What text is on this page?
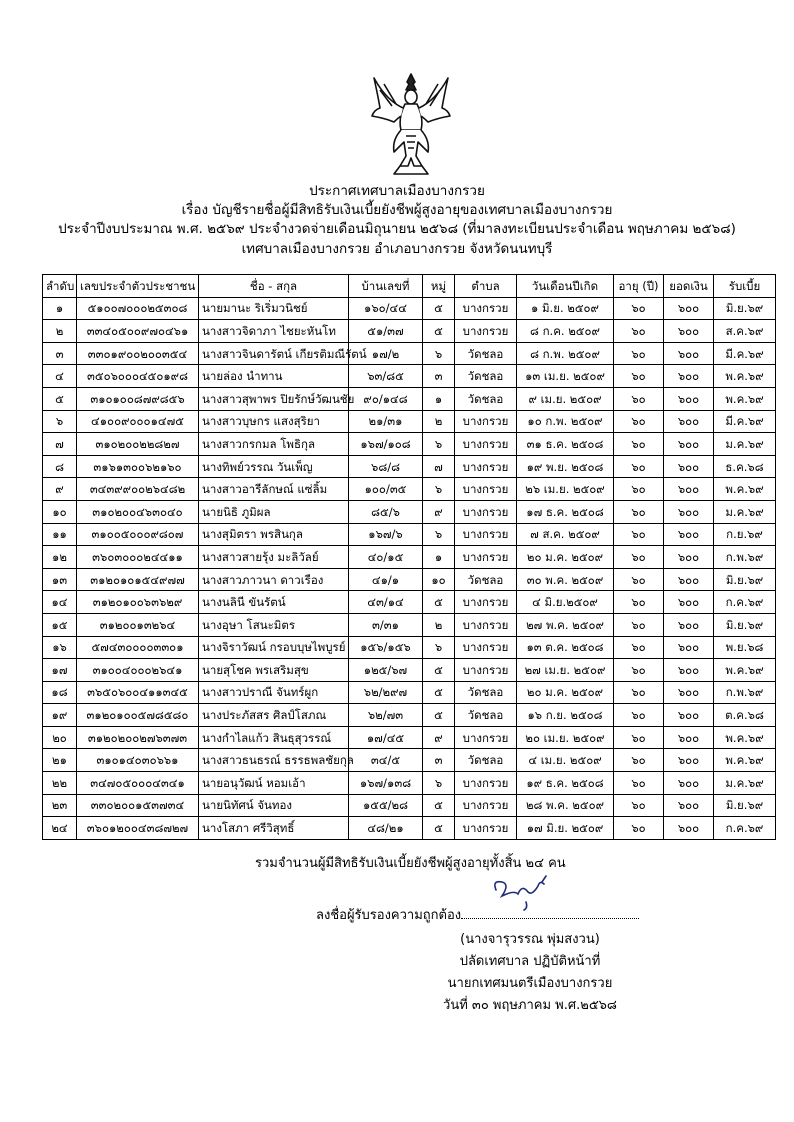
ประกาศเทศบาลเมืองบางกรวย
เรื่อง บัญชีรายชื่อผู้มีสิทธิรับเงินเบี้ยยังชีพผู้สูงอายุของเทศบาลเมืองบางกรวย
ประจำปีงบประมาณ พ.ศ. ๒๕๖๙ ประจำงวดจ่ายเดือนมิถุนายน ๒๕๖๘ (ที่มาลงทะเบียนประจำเดือน พฤษภาคม ๒๕๖๘)
เทศบาลเมืองบางกรวย อำเภอบางกรวย จังหวัดนนทบุรี
ลำดับ	เลขประจำตัวประชาชน	ชื่อ - สกุล	บ้านเลขที่	หมู่	ตำบล	วันเดือนปีเกิด	อายุ (ปี)	ยอดเงิน	รับเบี้ย
๑	๕๑๐๐๗๐๐๐๒๕๓๐๘	นายมานะ ริเริ่มวนิชย์	๑๖๐/๔๔	๕	บางกรวย	๑ มิ.ย. ๒๕๐๙	๖๐	๖๐๐	มิ.ย.๖๙
๒	๓๓๔๐๕๐๐๙๗๐๔๖๑	นางสาวจิดาภา ไชยะหันโท	๕๑/๓๗	๕	บางกรวย	๘ ก.ค. ๒๕๐๙	๖๐	๖๐๐	ส.ค.๖๙
๓	๓๓๐๑๙๐๐๒๐๐๓๕๔	นางสาวจินดารัตน์ เกียรติมณีรัตน์	๑๗/๒	๖	วัดชลอ	๘ ก.พ. ๒๕๐๙	๖๐	๖๐๐	มี.ค.๖๙
๔	๓๕๐๖๐๐๐๔๕๐๑๙๘	นายล่อง นำทาน	๖๓/๘๕	๓	วัดชลอ	๑๓ เม.ย. ๒๕๐๙	๖๐	๖๐๐	พ.ค.๖๙
๕	๓๑๐๑๐๐๘๗๙๘๕๖	นางสาวสุพาพร ปิยรักษ์วัฒนชัย	๙๐/๑๔๘	๑	วัดชลอ	๙ เม.ย. ๒๕๐๙	๖๐	๖๐๐	พ.ค.๖๙
๖	๔๑๐๐๙๐๐๐๑๔๗๕	นางสาวบุษกร แสงสุริยา	๒๑/๓๑	๒	บางกรวย	๑๐ ก.พ. ๒๕๐๙	๖๐	๖๐๐	มี.ค.๖๙
๗	๓๑๐๒๐๐๒๒๘๒๗	นางสาวกรกมล โพธิกุล	๑๖๗/๑๐๘	๖	บางกรวย	๓๑ ธ.ค. ๒๕๐๘	๖๐	๖๐๐	ม.ค.๖๙
๘	๓๑๖๑๓๐๐๖๒๑๖๐	นางทิพย์วรรณ วันเพ็ญ	๖๘/๘	๗	บางกรวย	๑๙ พ.ย. ๒๕๐๘	๖๐	๖๐๐	ธ.ค.๖๘
๙	๓๔๓๙๙๐๐๒๖๔๘๒	นางสาวอารีลักษณ์ แซ่ลิ้ม	๑๐๐/๓๕	๖	บางกรวย	๒๖ เม.ย. ๒๕๐๙	๖๐	๖๐๐	พ.ค.๖๙
๑๐	๓๑๐๒๐๐๔๖๓๐๔๐	นายนิธิ ภูมิผล	๘๕/๖	๙	บางกรวย	๑๗ ธ.ค. ๒๕๐๘	๖๐	๖๐๐	ม.ค.๖๙
๑๑	๓๑๐๐๕๐๐๐๙๘๐๗	นางสุมิตรา พรสินกุล	๑๖๗/๖	๖	บางกรวย	๗ ส.ค. ๒๕๐๙	๖๐	๖๐๐	ก.ย.๖๙
๑๒	๓๖๐๓๐๐๐๒๔๔๑๑	นางสาวสายรุ้ง มะลิวัลย์	๔๐/๑๕	๑	บางกรวย	๒๐ ม.ค. ๒๕๐๙	๖๐	๖๐๐	ก.พ.๖๙
๑๓	๓๑๒๐๑๐๑๕๔๙๗๗	นางสาวภาวนา ดาวเรือง	๔๑/๑	๑๐	วัดชลอ	๓๐ พ.ค. ๒๕๐๙	๖๐	๖๐๐	มิ.ย.๖๙
๑๔	๓๑๒๐๑๐๐๖๓๖๒๙	นางนลินี ขันรัตน์	๔๓/๑๔	๕	บางกรวย	๔ มิ.ย.๒๕๐๙	๖๐	๖๐๐	ก.ค.๖๙
๑๕	๓๑๒๐๐๑๓๒๖๔	นางอุษา โสนะมิตร	๓/๓๑	๒	บางกรวย	๒๗ พ.ค. ๒๕๐๙	๖๐	๖๐๐	มิ.ย.๖๙
๑๖	๕๗๔๓๐๐๐๐๓๓๐๑	นางจิราวัฒน์ กรอบบุษไพบูรย์	๑๕๖/๑๕๖	๖	บางกรวย	๑๓ ต.ค. ๒๕๐๘	๖๐	๖๐๐	พ.ย.๖๘
๑๗	๓๑๐๐๔๐๐๐๒๖๔๑	นายสุโชค พรเสริมสุข	๑๒๕/๖๗	๕	บางกรวย	๒๗ เม.ย. ๒๕๐๙	๖๐	๖๐๐	พ.ค.๖๙
๑๘	๓๖๕๐๖๐๐๔๑๑๓๔๕	นางสาวปราณี จันทร์ผูก	๖๒/๒๙๗	๕	วัดชลอ	๒๐ ม.ค. ๒๕๐๙	๖๐	๖๐๐	ก.พ.๖๙
๑๙	๓๑๒๐๑๐๐๕๗๘๕๘๐	นางประภัสสร ศิลป์โสภณ	๖๒/๗๓	๕	วัดชลอ	๑๖ ก.ย. ๒๕๐๘	๖๐	๖๐๐	ต.ค.๖๘
๒๐	๓๑๒๐๒๐๐๒๗๖๓๗๓	นางกำไลแก้ว สินธุสุวรรณ์	๑๗/๔๕	๙	บางกรวย	๒๐ เม.ย. ๒๕๐๙	๖๐	๖๐๐	พ.ค.๖๙
๒๑	๓๑๐๑๔๐๓๐๖๖๑	นางสาวธนธรณ์ ธรรธพลชัยกุล	๓๔/๕	๓	วัดชลอ	๔ เม.ย. ๒๕๐๙	๖๐	๖๐๐	พ.ค.๖๙
๒๒	๓๔๗๐๕๐๐๐๔๓๔๑	นายอนุวัฒน์ หอมเอ้า	๑๖๗/๑๓๘	๖	บางกรวย	๑๙ ธ.ค. ๒๕๐๘	๖๐	๖๐๐	ม.ค.๖๙
๒๓	๓๓๐๒๐๐๑๕๓๗๓๔	นายนิทัศน์ จันทอง	๑๕๕/๒๘	๕	บางกรวย	๒๘ พ.ค. ๒๕๐๙	๖๐	๖๐๐	มิ.ย.๖๙
๒๔	๓๖๐๑๒๐๐๔๓๘๗๒๗	นางโสภา ศรีวิสุทธิ์	๔๘/๒๑	๕	บางกรวย	๑๗ มิ.ย. ๒๕๐๙	๖๐	๖๐๐	ก.ค.๖๙
รวมจำนวนผู้มีสิทธิรับเงินเบี้ยยังชีพผู้สูงอายุทั้งสิ้น ๒๔ คน
ลงชื่อผู้รับรองความถูกต้อง
(นางจารุวรรณ พุ่มสงวน)
ปลัดเทศบาล ปฏิบัติหน้าที่
นายกเทศมนตรีเมืองบางกรวย
วันที่ ๓๐ พฤษภาคม พ.ศ.๒๕๖๘
